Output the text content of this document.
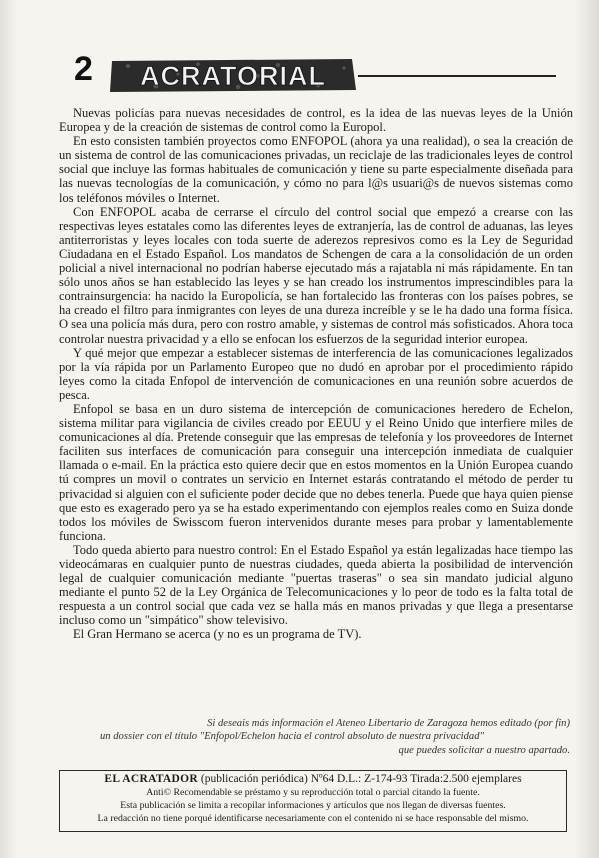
2 ACRATORIAL

Nuevas policías para nuevas necesidades de control, es la idea de las nuevas leyes de la Unión Europea y de la creación de sistemas de control como la Europol.

En esto consisten también proyectos como ENFOPOL (ahora ya una realidad), o sea la creación de un sistema de control de las comunicaciones privadas, un reciclaje de las tradicionales leyes de control social que incluye las formas habituales de comunicación y tiene su parte especialmente diseñada para las nuevas tecnologías de la comunicación, y cómo no para l@s usuari@s de nuevos sistemas como los teléfonos móviles o Internet.

Con ENFOPOL acaba de cerrarse el círculo del control social que empezó a crearse con las respectivas leyes estatales como las diferentes leyes de extranjería, las de control de aduanas, las leyes antiterroristas y leyes locales con toda suerte de aderezos represivos como es la Ley de Seguridad Ciudadana en el Estado Español. Los mandatos de Schengen de cara a la consolidación de un orden policial a nivel internacional no podrían haberse ejecutado más a rajatabla ni más rápidamente. En tan sólo unos años se han establecido las leyes y se han creado los instrumentos imprescindibles para la contrainsurgencia: ha nacido la Europolicía, se han fortalecido las fronteras con los países pobres, se ha creado el filtro para inmigrantes con leyes de una dureza increíble y se le ha dado una forma física. O sea una policía más dura, pero con rostro amable, y sistemas de control más sofisticados. Ahora toca controlar nuestra privacidad y a ello se enfocan los esfuerzos de la seguridad interior europea.

Y qué mejor que empezar a establecer sistemas de interferencia de las comunicaciones legalizados por la vía rápida por un Parlamento Europeo que no dudó en aprobar por el procedimiento rápido leyes como la citada Enfopol de intervención de comunicaciones en una reunión sobre acuerdos de pesca.

Enfopol se basa en un duro sistema de intercepción de comunicaciones heredero de Echelon, sistema militar para vigilancia de civiles creado por EEUU y el Reino Unido que interfiere miles de comunicaciones al día. Pretende conseguir que las empresas de telefonía y los proveedores de Internet faciliten sus interfaces de comunicación para conseguir una intercepción inmediata de cualquier llamada o e-mail. En la práctica esto quiere decir que en estos momentos en la Unión Europea cuando tú compres un movil o contrates un servicio en Internet estarás contratando el método de perder tu privacidad si alguien con el suficiente poder decide que no debes tenerla. Puede que haya quien piense que esto es exagerado pero ya se ha estado experimentando con ejemplos reales como en Suiza donde todos los móviles de Swisscom fueron intervenidos durante meses para probar y lamentablemente funciona.

Todo queda abierto para nuestro control: En el Estado Español ya están legalizadas hace tiempo las videocámaras en cualquier punto de nuestras ciudades, queda abierta la posibilidad de intervención legal de cualquier comunicación mediante "puertas traseras" o sea sin mandato judicial alguno mediante el punto 52 de la Ley Orgánica de Telecomunicaciones y lo peor de todo es la falta total de respuesta a un control social que cada vez se halla más en manos privadas y que llega a presentarse incluso como un "simpático" show televisivo.

El Gran Hermano se acerca (y no es un programa de TV).

Si deseais más información el Ateneo Libertario de Zaragoza hemos editado (por fin)
un dossier con el título "Enfopol/Echelon hacia el control absoluto de nuestra privacidad"
que puedes solicitar a nuestro apartado.
EL ACRATADOR (publicación periódica) Nº64 D.L.: Z-174-93 Tirada:2.500 ejemplares
Anti© Recomendable se préstamo y su reproducción total o parcial citando la fuente.
Esta publicación se limita a recopilar informaciones y artículos que nos llegan de diversas fuentes.
La redacción no tiene porqué identificarse necesariamente con el contenido ni se hace responsable del mismo.
